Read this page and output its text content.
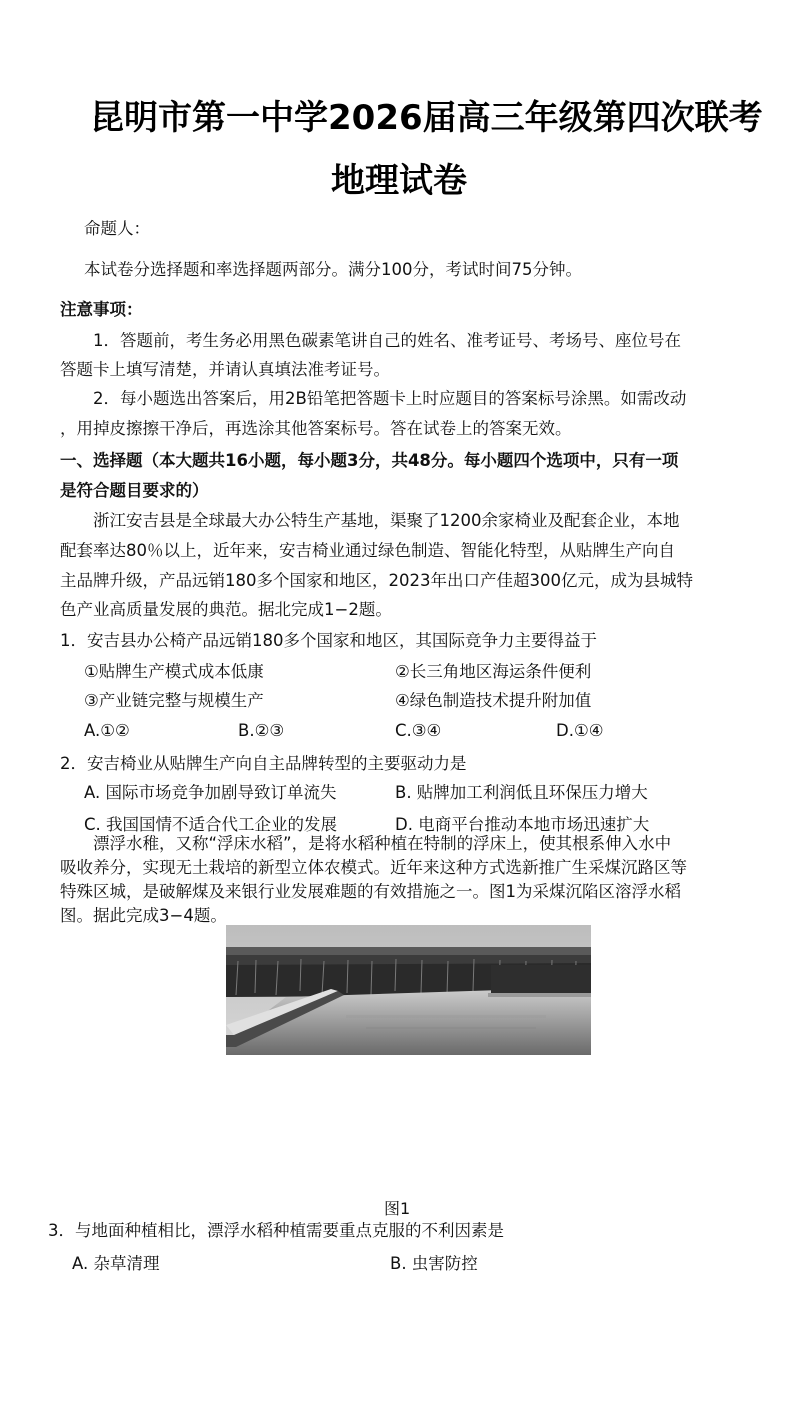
昆明市第一中学2026届高三年级第四次联考
地理试卷
命题人：
本试卷分选择题和率选择题两部分。满分100分，考试时间75分钟。
注意事项：
1．答题前，考生务必用黑色碳素笔讲自己的姓名、准考证号、考场号、座位号在
答题卡上填写清楚，并请认真填法准考证号。
2．每小题选出答案后，用2B铅笔把答题卡上时应题目的答案标号涂黑。如需改动
，用掉皮擦擦干净后，再选涂其他答案标号。答在试卷上的答案无效。
一、选择题（本大题共16小题，每小题3分，共48分。每小题四个选项中，只有一项
是符合题目要求的）
浙江安吉县是全球最大办公特生产基地，渠聚了1200余家椅业及配套企业，本地
配套率达80％以上，近年来，安吉椅业通过绿色制造、智能化特型，从贴牌生产向自
主品牌升级，产品远销180多个国家和地区，2023年出口产佳超300亿元，成为县城特
色产业高质量发展的典范。据北完成1−2题。
1．安吉县办公椅产品远销180多个国家和地区，其国际竞争力主要得益于
①贴牌生产模式成本低康	②长三角地区海运条件便利
③产业链完整与规模生产	④绿色制造技术提升附加值
A.①②	B.②③	C.③④	D.①④
2．安吉椅业从贴牌生产向自主品牌转型的主要驱动力是
A. 国际市场竞争加剧导致订单流失	B. 贴牌加工利润低且环保压力增大
C. 我国国情不适合代工企业的发展	D. 电商平台推动本地市场迅速扩大
漂浮水稚，又称“浮床水稻”，是将水稻种植在特制的浮床上，使其根系伸入水中
吸收养分，实现无土栽培的新型立体农模式。近年来这种方式选新推广生采煤沉路区等
特殊区城，是破解煤及来银行业发展难题的有效措施之一。图1为采煤沉陷区溶浮水稻
图。据此完成3−4题。
图1
3．与地面种植相比，漂浮水稻种植需要重点克服的不利因素是
A. 杂草清理	B. 虫害防控
